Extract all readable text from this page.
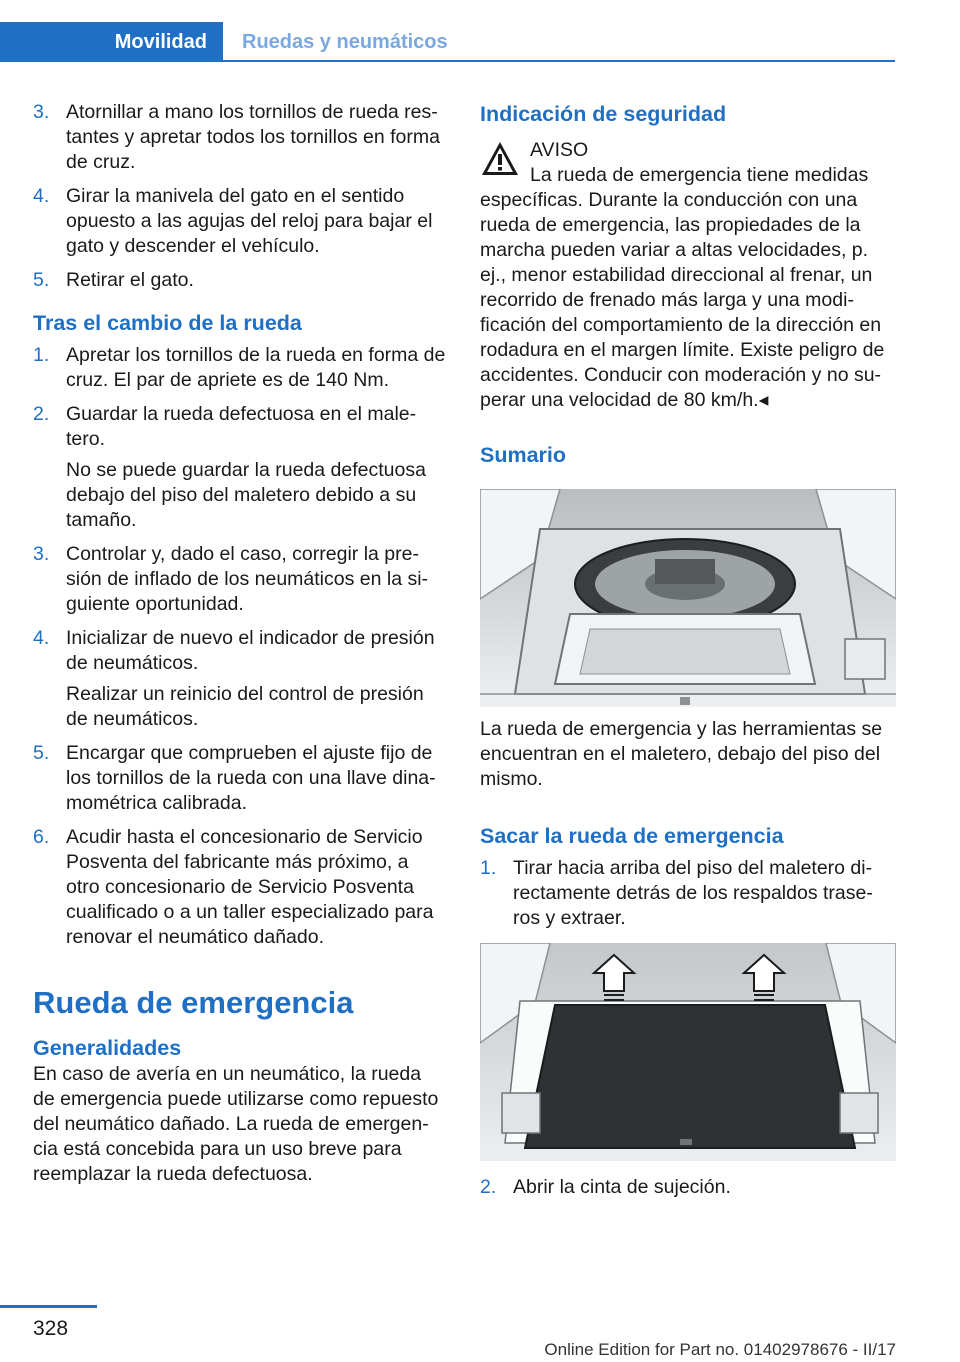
Movilidad	Ruedas y neumáticos
3. Atornillar a mano los tornillos de rueda res‐tantes y apretar todos los tornillos en forma de cruz.
4. Girar la manivela del gato en el sentido opuesto a las agujas del reloj para bajar el gato y descender el vehículo.
5. Retirar el gato.
Tras el cambio de la rueda
1. Apretar los tornillos de la rueda en forma de cruz. El par de apriete es de 140 Nm.
2. Guardar la rueda defectuosa en el male‐tero.

No se puede guardar la rueda defectuosa debajo del piso del maletero debido a su tamaño.

3. Controlar y, dado el caso, corregir la pre‐sión de inflado de los neumáticos en la si‐guiente oportunidad.
4. Inicializar de nuevo el indicador de presión de neumáticos.

Realizar un reinicio del control de presión de neumáticos.

5. Encargar que comprueben el ajuste fijo de los tornillos de la rueda con una llave dina‐mométrica calibrada.
6. Acudir hasta el concesionario de Servicio Posventa del fabricante más próximo, a otro concesionario de Servicio Posventa cualificado o a un taller especializado para renovar el neumático dañado.
Rueda de emergencia
Generalidades

En caso de avería en un neumático, la rueda de emergencia puede utilizarse como repuesto del neumático dañado. La rueda de emergen‐cia está concebida para un uso breve para reemplazar la rueda defectuosa.

Indicación de seguridad
AVISO
La rueda de emergencia tiene medidas

específicas. Durante la conducción con una rueda de emergencia, las propiedades de la marcha pueden variar a altas velocidades, p. ej., menor estabilidad direccional al frenar, un recorrido de frenado más larga y una modi‐ficación del comportamiento de la dirección en rodadura en el margen límite. Existe peligro de accidentes. Conducir con moderación y no su‐perar una velocidad de 80 km/h.◂

Sumario

La rueda de emergencia y las herramientas se encuentran en el maletero, debajo del piso del mismo.

Sacar la rueda de emergencia
1. Tirar hacia arriba del piso del maletero di‐rectamente detrás de los respaldos trase‐ros y extraer.
2. Abrir la cinta de sujeción.
328
Online Edition for Part no. 01402978676 - II/17
